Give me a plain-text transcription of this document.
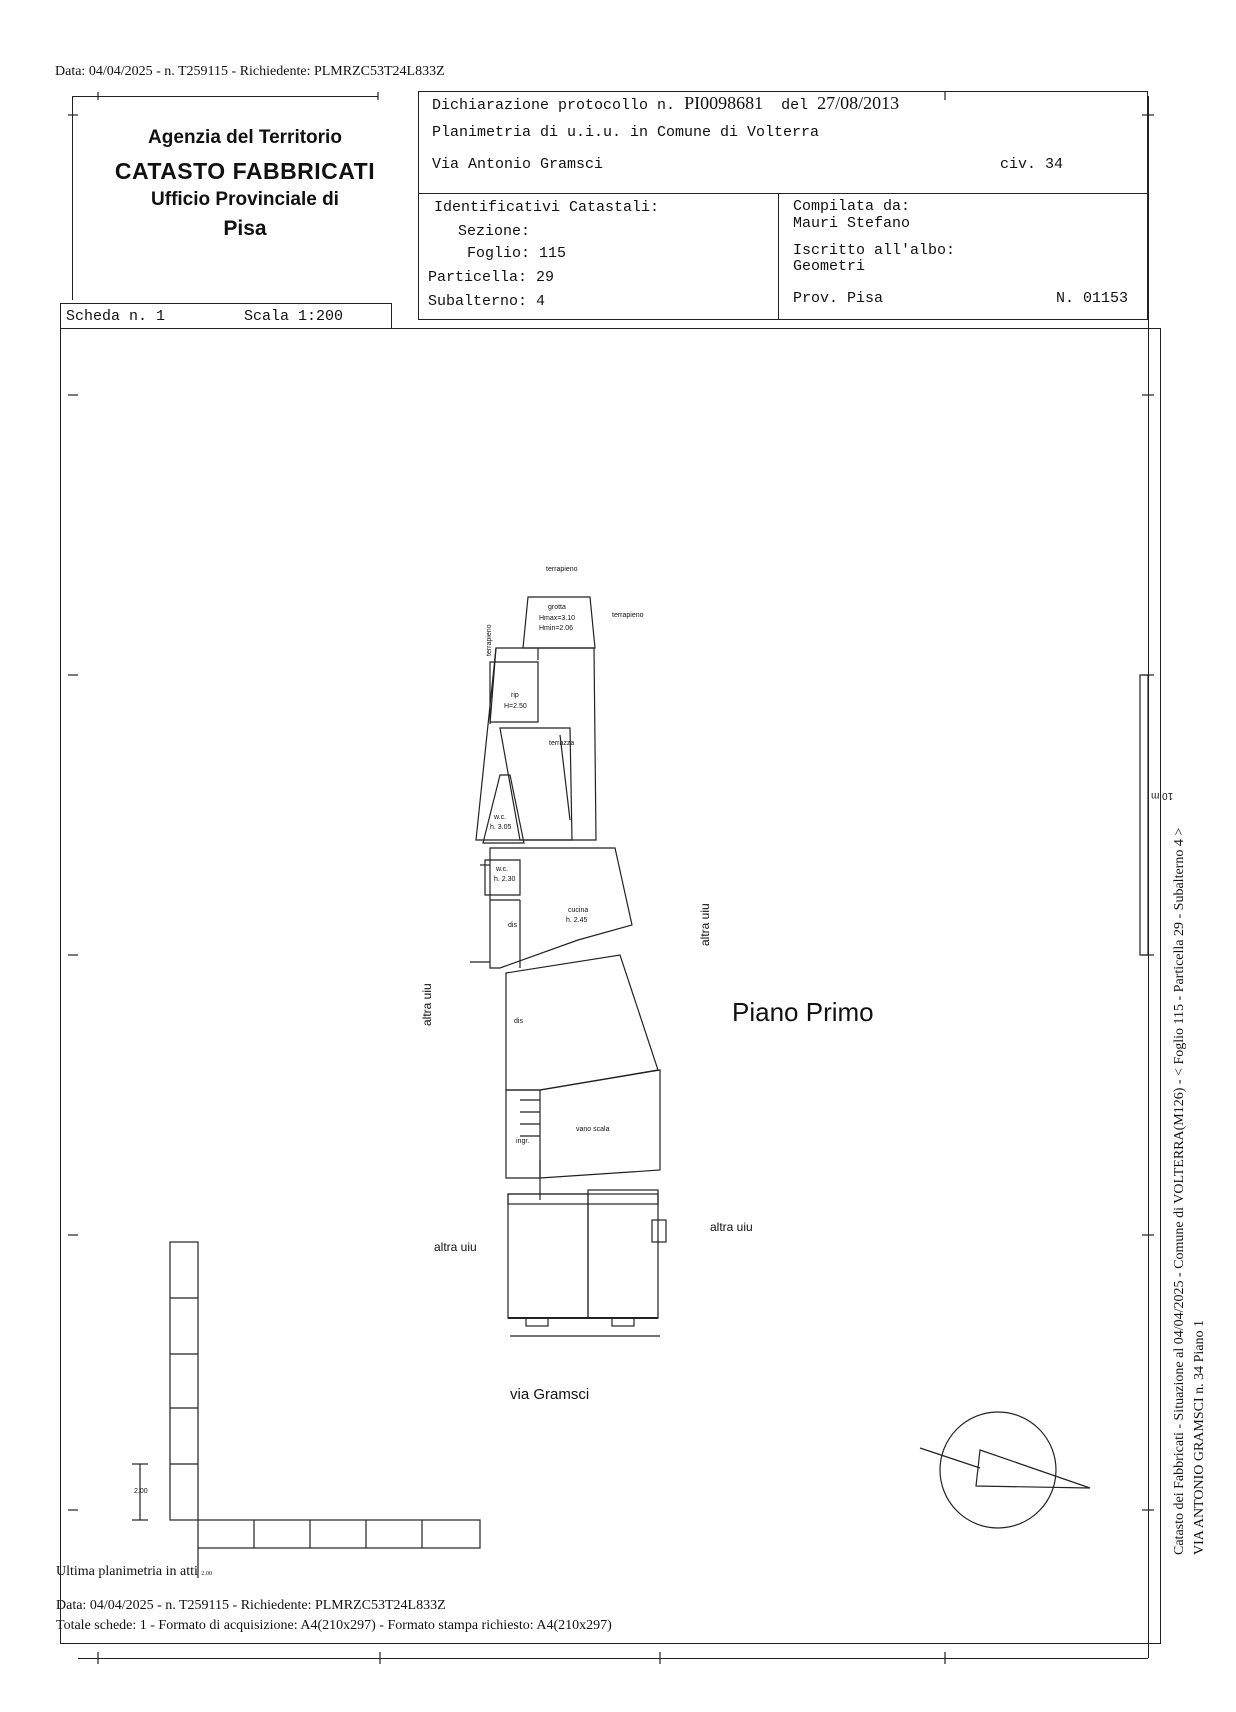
Data: 04/04/2025 - n. T259115 - Richiedente: PLMRZC53T24L833Z
Agenzia del Territorio
CATASTO FABBRICATI
Ufficio Provinciale di
Pisa
Dichiarazione protocollo n. PI0098681 del 27/08/2013
Planimetria di u.i.u. in Comune di Volterra
Via Antonio Gramsci	civ. 34
Identificativi Catastali:
Sezione:
Foglio: 115
Particella: 29
Subalterno: 4
Compilata da:
Mauri Stefano
Iscritto all'albo:
Geometri
Prov. Pisa	N. 01153
Scheda n. 1	Scala 1:200
terrapieno
terrapieno
terrapieno
grotta
Hmax=3.10
Hmin=2.06
rip
H=2.50
terrazza
w.c.
h. 3.05
w.c.
h. 2.30
cucina
h. 2.45
dis
dis
vano scala
ingr.
altra uiu
altra uiu
altra uiu
altra uiu
Piano Primo
via Gramsci
2.00
10 m
Ultima planimetria in atti 2.00
Data: 04/04/2025 - n. T259115 - Richiedente: PLMRZC53T24L833Z
Totale schede: 1 - Formato di acquisizione: A4(210x297) - Formato stampa richiesto: A4(210x297)
Catasto dei Fabbricati - Situazione al 04/04/2025 - Comune di VOLTERRA(M126) - < Foglio 115 - Particella 29 - Subalterno 4 > VIA ANTONIO GRAMSCI n. 34 Piano 1
